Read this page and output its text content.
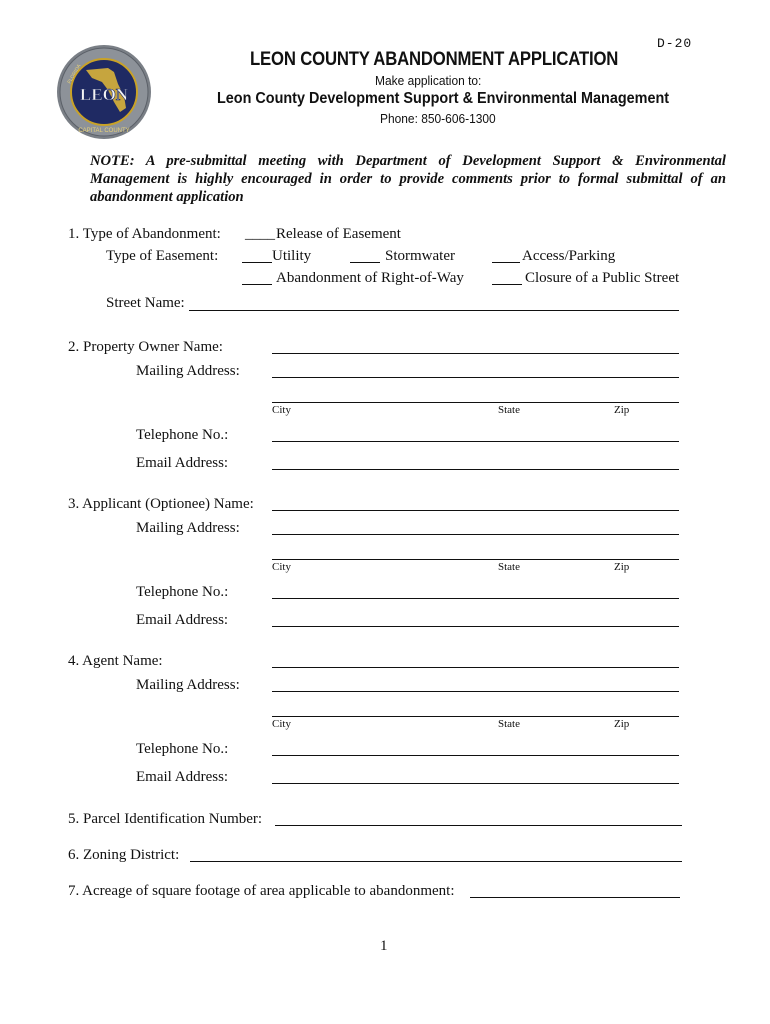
D-20
LEON
CAPITAL COUNTY
FLORIDA
LEON COUNTY ABANDONMENT APPLICATION
Make application to:
Leon County Development Support & Environmental Management
Phone: 850-606-1300
NOTE: A pre-submittal meeting with Department of Development Support & Environmental Management is highly encouraged in order to provide comments prior to formal submittal of an abandonment application
1. Type of Abandonment: ____ Release of Easement
Type of Easement:	Utility	Stormwater	Access/Parking
Abandonment of Right-of-Way	Closure of a Public Street
Street Name:
2. Property Owner Name:
Mailing Address:
City	State	Zip
Telephone No.:
Email Address:
3. Applicant (Optionee) Name:
Mailing Address:
City	State	Zip
Telephone No.:
Email Address:
4. Agent Name:
Mailing Address:
City	State	Zip
Telephone No.:
Email Address:
5. Parcel Identification Number:
6. Zoning District:
7. Acreage of square footage of area applicable to abandonment:
1
